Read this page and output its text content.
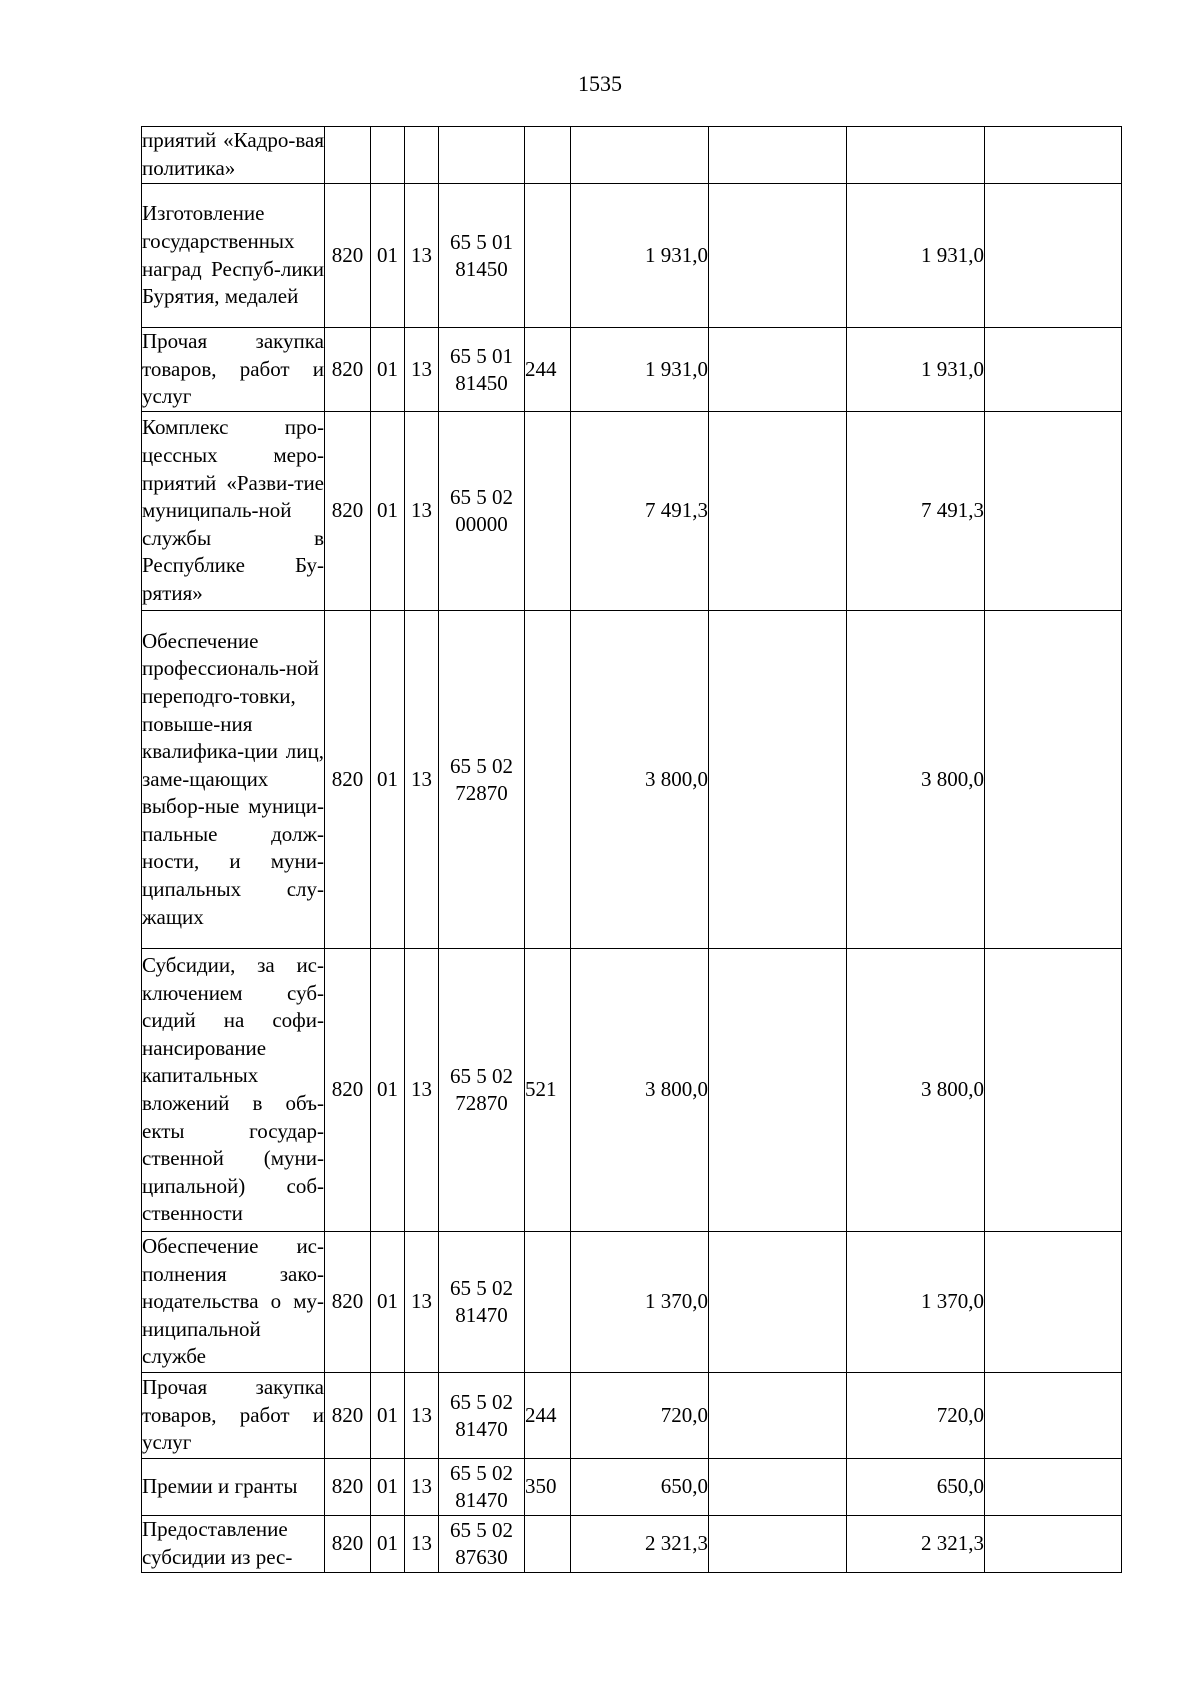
1535
приятий «Кадро-вая политика»									
Изготовление государственных наград Респуб-лики Бурятия, медалей	820	01	13	65 5 01 81450		1 931,0		1 931,0	
Прочая закупка товаров, работ и услуг	820	01	13	65 5 01 81450	244	1 931,0		1 931,0	
Комплекс про-цессных меро-приятий «Разви-тие муниципаль-ной службы в Республике Бу-рятия»	820	01	13	65 5 02 00000		7 491,3		7 491,3	
Обеспечение профессиональ-ной переподго-товки, повыше-ния квалифика-ции лиц, заме-щающих выбор-ные муници-пальные долж-ности, и муни-ципальных слу-жащих	820	01	13	65 5 02 72870		3 800,0		3 800,0	
Субсидии, за ис-ключением суб-сидий на софи-нансирование капитальных вложений в объ-екты государ-ственной (муни-ципальной) соб-ственности	820	01	13	65 5 02 72870	521	3 800,0		3 800,0	
Обеспечение ис-полнения зако-нодательства о му-ниципальной службе	820	01	13	65 5 02 81470		1 370,0		1 370,0	
Прочая закупка товаров, работ и услуг	820	01	13	65 5 02 81470	244	720,0		720,0	
Премии и гранты	820	01	13	65 5 02 81470	350	650,0		650,0	
Предоставление субсидии из рес-	820	01	13	65 5 02 87630		2 321,3		2 321,3	
